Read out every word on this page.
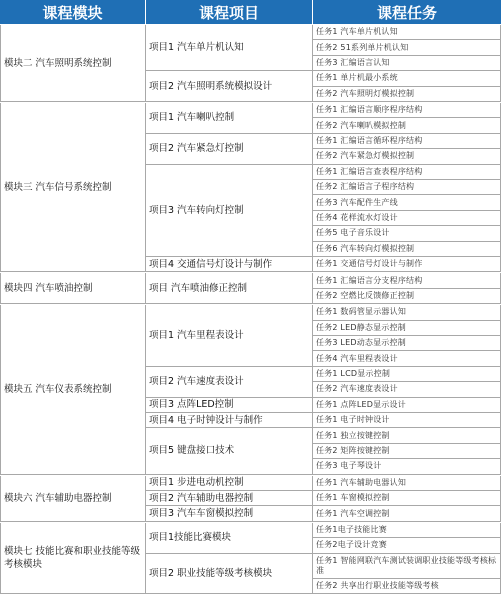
课程模块	课程项目	课程任务
任务1 汽车单片机认知
任务2 51系列单片机认知
任务3 汇编语言认知
项目1 汽车单片机认知
任务1 单片机最小系统
任务2 汽车照明灯模拟控制
项目2 汽车照明系统模拟设计
模块二 汽车照明系统控制
任务1 汇编语言顺序程序结构
任务2 汽车喇叭模拟控制
项目1 汽车喇叭控制
任务1 汇编语言循环程序结构
任务2 汽车紧急灯模拟控制
项目2 汽车紧急灯控制
任务1 汇编语言查表程序结构
任务2 汇编语言子程序结构
任务3 汽车配件生产线
任务4 花样流水灯设计
任务5 电子音乐设计
任务6 汽车转向灯模拟控制
项目3 汽车转向灯控制
任务1 交通信号灯设计与制作
项目4 交通信号灯设计与制作
模块三 汽车信号系统控制
任务1 汇编语言分支程序结构
任务2 空燃比反馈修正控制
项目 汽车喷油修正控制
模块四 汽车喷油控制
任务1 数码管显示器认知
任务2 LED静态显示控制
任务3 LED动态显示控制
任务4 汽车里程表设计
项目1 汽车里程表设计
任务1 LCD显示控制
任务2 汽车速度表设计
项目2 汽车速度表设计
任务1 点阵LED显示设计
项目3 点阵LED控制
任务1 电子时钟设计
项目4 电子时钟设计与制作
任务1 独立按键控制
任务2 矩阵按键控制
任务3 电子琴设计
项目5 键盘接口技术
模块五 汽车仪表系统控制
任务1 汽车辅助电器认知
项目1 步进电动机控制
任务1 车窗模拟控制
项目2 汽车辅助电器控制
任务1 汽车空调控制
项目3 汽车车窗模拟控制
模块六 汽车辅助电器控制
任务1电子技能比赛
任务2电子设计竞赛
项目1技能比赛模块
任务1 智能网联汽车测试装调职业技能等级考核标准
任务2 共享出行职业技能等级考核
项目2 职业技能等级考核模块
模块七 技能比赛和职业技能等级考核模块
